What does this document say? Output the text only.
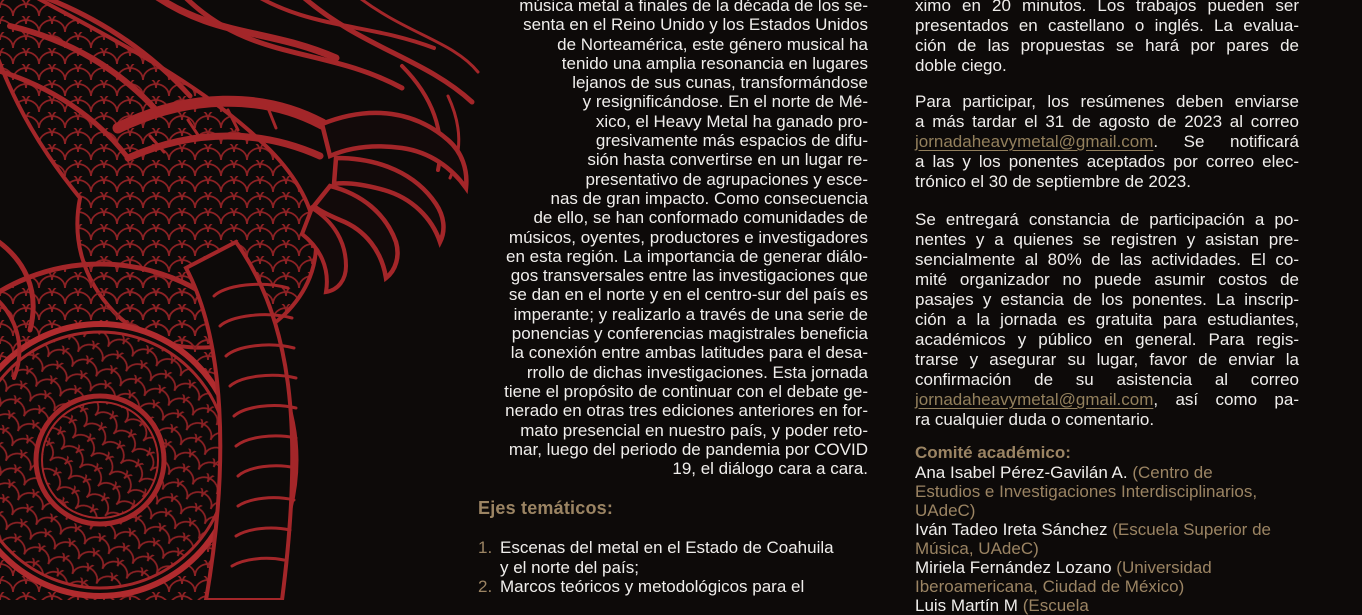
música metal a finales de la década de los se-
senta en el Reino Unido y los Estados Unidos
de Norteamérica, este género musical ha
tenido una amplia resonancia en lugares
lejanos de sus cunas, transformándose
y resignificándose. En el norte de Mé-
xico, el Heavy Metal ha ganado pro-
gresivamente más espacios de difu-
sión hasta convertirse en un lugar re-
presentativo de agrupaciones y esce-
nas de gran impacto. Como consecuencia
de ello, se han conformado comunidades de
músicos, oyentes, productores e investigadores
en esta región. La importancia de generar diálo-
gos transversales entre las investigaciones que
se dan en el norte y en el centro-sur del país es
imperante; y realizarlo a través de una serie de
ponencias y conferencias magistrales beneficia
la conexión entre ambas latitudes para el desa-
rrollo de dichas investigaciones. Esta jornada
tiene el propósito de continuar con el debate ge-
nerado en otras tres ediciones anteriores en for-
mato presencial en nuestro país, y poder reto-
mar, luego del periodo de pandemia por COVID
19, el diálogo cara a cara.
Ejes temáticos:
1. Escenas del metal en el Estado de Coahuila
y el norte del país;
2. Marcos teóricos y metodológicos para el
ximo en 20 minutos. Los trabajos pueden ser
presentados en castellano o inglés. La evalua-
ción de las propuestas se hará por pares de
doble ciego.
Para participar, los resúmenes deben enviarse
a más tardar el 31 de agosto de 2023 al correo
jornadaheavymetal@gmail.com. Se notificará
a las y los ponentes aceptados por correo elec-
trónico el 30 de septiembre de 2023.
Se entregará constancia de participación a po-
nentes y a quienes se registren y asistan pre-
sencialmente al 80% de las actividades. El co-
mité organizador no puede asumir costos de
pasajes y estancia de los ponentes. La inscrip-
ción a la jornada es gratuita para estudiantes,
académicos y público en general. Para regis-
trarse y asegurar su lugar, favor de enviar la
confirmación de su asistencia al correo
jornadaheavymetal@gmail.com, así como pa-
ra cualquier duda o comentario.
Comité académico:
Ana Isabel Pérez-Gavilán A. (Centro de
Estudios e Investigaciones Interdisciplinarios,
UAdeC)
Iván Tadeo Ireta Sánchez (Escuela Superior de
Música, UAdeC)
Miriela Fernández Lozano (Universidad
Iberoamericana, Ciudad de México)
Luis Martín M (Escuela
